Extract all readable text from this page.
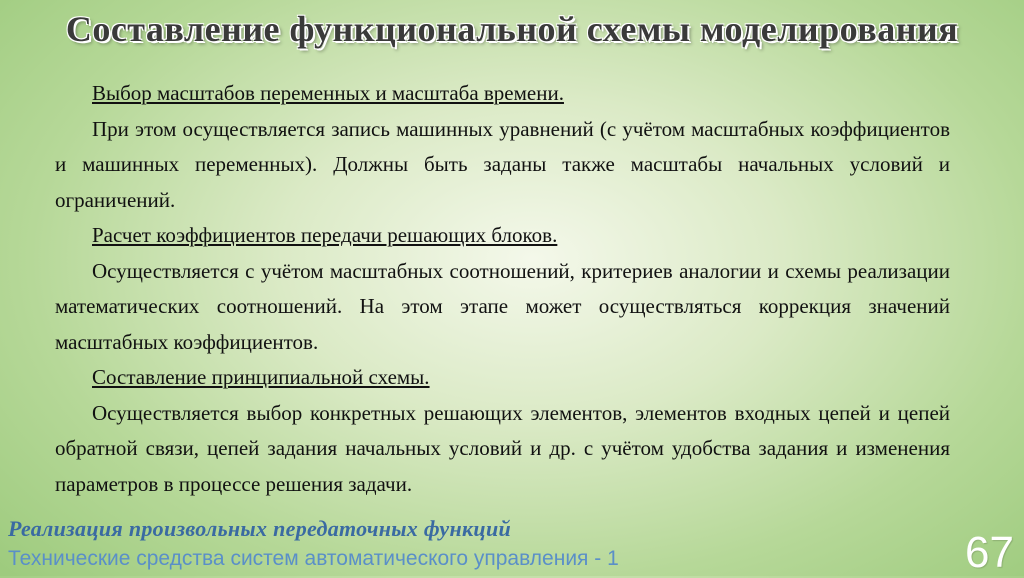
Составление функциональной схемы моделирования

Выбор масштабов переменных и масштаба времени.

При этом осуществляется запись машинных уравнений (с учётом масштабных коэффициентов и машинных переменных). Должны быть заданы также масштабы начальных условий и ограничений.

Расчет коэффициентов передачи решающих блоков.

Осуществляется с учётом масштабных соотношений, критериев аналогии и схемы реализации математических соотношений. На этом этапе может осуществляться коррекция значений масштабных коэффициентов.

Составление принципиальной схемы.

Осуществляется выбор конкретных решающих элементов, элементов входных цепей и цепей обратной связи, цепей задания начальных условий и др. с учётом удобства задания и изменения параметров в процессе решения задачи.

Реализация произвольных передаточных функций
Технические средства систем автоматического управления - 1	67
